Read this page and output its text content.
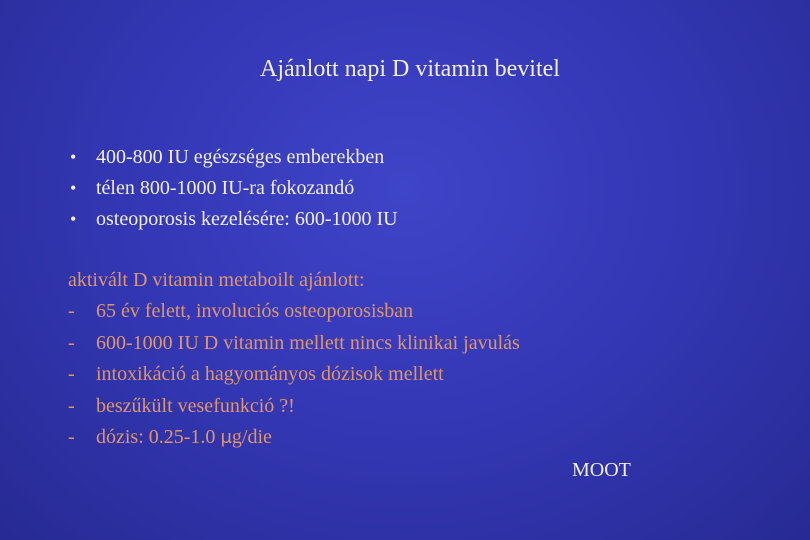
Ajánlott napi D vitamin bevitel
• 400-800 IU egészséges emberekben
• télen 800-1000 IU-ra fokozandó
• osteoporosis kezelésére: 600-1000 IU
aktivált D vitamin metaboilt ajánlott:
-	65 év felett, involuciós osteoporosisban
-	600-1000 IU D vitamin mellett nincs klinikai javulás
-	intoxikáció a hagyományos dózisok mellett
-	beszűkült vesefunkció ?!
-	dózis: 0.25-1.0 μg/die
MOOT
